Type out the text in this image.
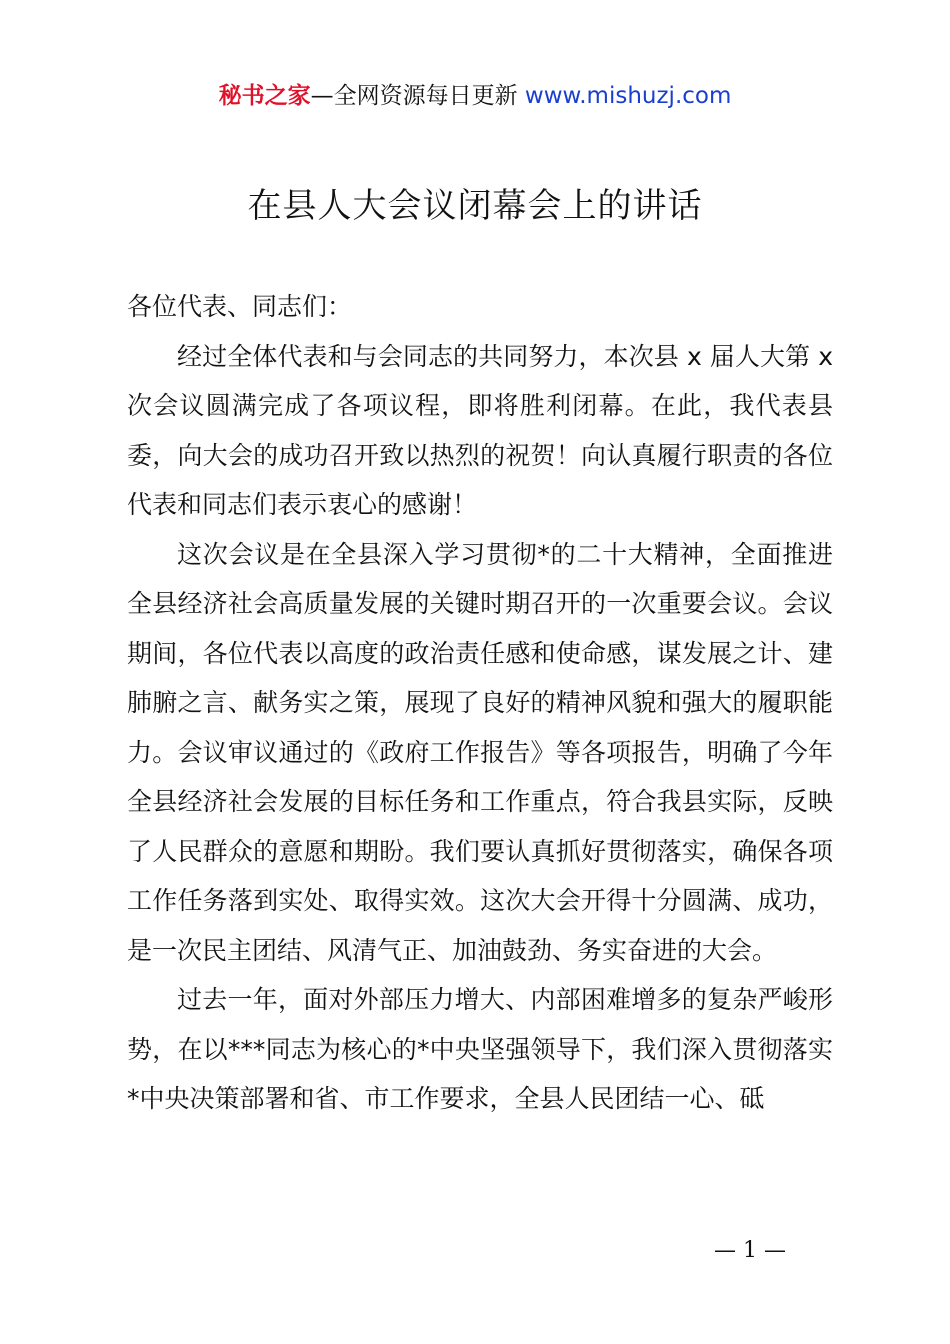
秘书之家—全网资源每日更新 www.mishuzj.com
在县人大会议闭幕会上的讲话

各位代表、同志们：

经过全体代表和与会同志的共同努力，本次县 x 届人大第 x 次会议圆满完成了各项议程，即将胜利闭幕。在此，我代表县委，向大会的成功召开致以热烈的祝贺！向认真履行职责的各位代表和同志们表示衷心的感谢！

这次会议是在全县深入学习贯彻*的二十大精神，全面推进全县经济社会高质量发展的关键时期召开的一次重要会议。会议期间，各位代表以高度的政治责任感和使命感，谋发展之计、建肺腑之言、献务实之策，展现了良好的精神风貌和强大的履职能力。会议审议通过的《政府工作报告》等各项报告，明确了今年全县经济社会发展的目标任务和工作重点，符合我县实际，反映了人民群众的意愿和期盼。我们要认真抓好贯彻落实，确保各项工作任务落到实处、取得实效。这次大会开得十分圆满、成功，是一次民主团结、风清气正、加油鼓劲、务实奋进的大会。

过去一年，面对外部压力增大、内部困难增多的复杂严峻形势，在以***同志为核心的*中央坚强领导下，我们深入贯彻落实*中央决策部署和省、市工作要求，全县人民团结一心、砥

— 1 —
